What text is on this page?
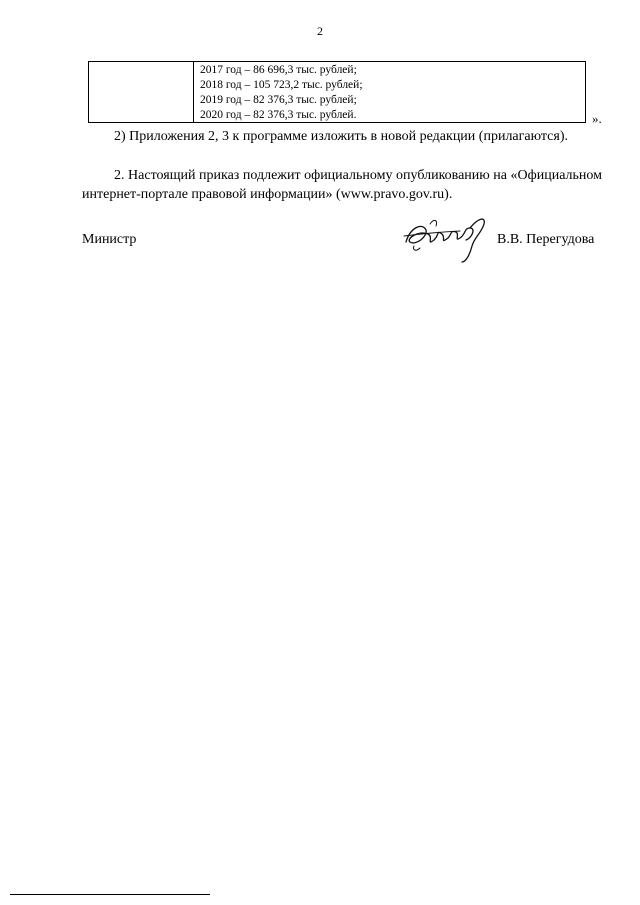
2
2017 год – 86 696,3 тыс. рублей;
2018 год – 105 723,2 тыс. рублей;
2019 год – 82 376,3 тыс. рублей;
2020 год – 82 376,3 тыс. рублей.	».
2) Приложения 2, 3 к программе изложить в новой редакции (прилагаются).
2. Настоящий приказ подлежит официальному опубликованию на «Официальном интернет-портале правовой информации» (www.pravo.gov.ru).
Министр	В.В. Перегудова
